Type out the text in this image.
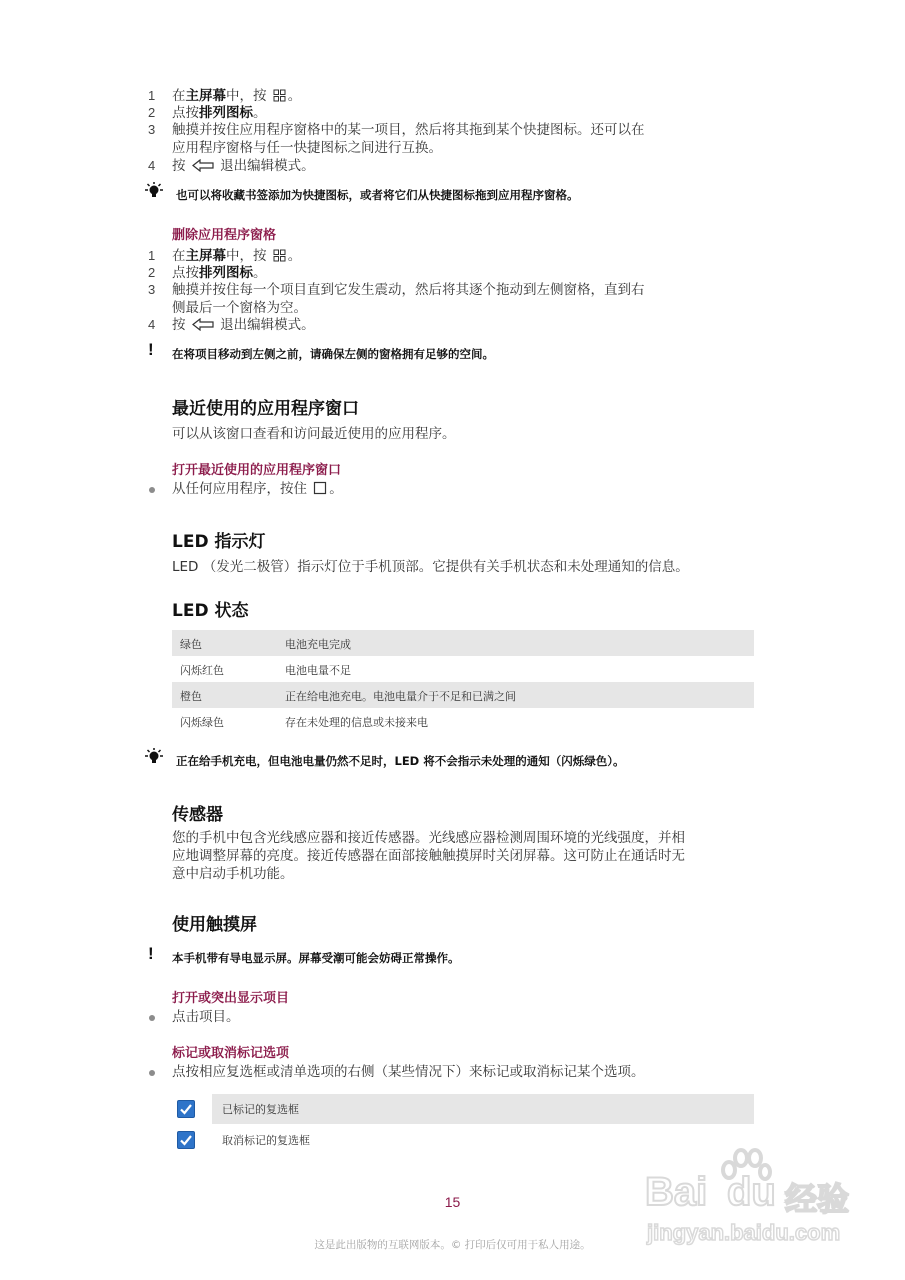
1	在主屏幕中，按 。
2	点按排列图标。
3	触摸并按住应用程序窗格中的某一项目，然后将其拖到某个快捷图标。还可以在
应用程序窗格与任一快捷图标之间进行互换。
4	按	退出编辑模式。
也可以将收藏书签添加为快捷图标，或者将它们从快捷图标拖到应用程序窗格。
删除应用程序窗格
1	在主屏幕中，按 。
2	点按排列图标。
3	触摸并按住每一个项目直到它发生震动，然后将其逐个拖动到左侧窗格，直到右
侧最后一个窗格为空。
4	按	退出编辑模式。
! 在将项目移动到左侧之前，请确保左侧的窗格拥有足够的空间。
最近使用的应用程序窗口
可以从该窗口查看和访问最近使用的应用程序。
打开最近使用的应用程序窗口
从任何应用程序，按住 。
LED 指示灯
LED （发光二极管）指示灯位于手机顶部。它提供有关手机状态和未处理通知的信息。
LED 状态
绿色	电池充电完成
闪烁红色	电池电量不足
橙色	正在给电池充电。电池电量介于不足和已满之间
闪烁绿色	存在未处理的信息或未接来电
正在给手机充电，但电池电量仍然不足时，LED 将不会指示未处理的通知（闪烁绿色）。
传感器
您的手机中包含光线感应器和接近传感器。光线感应器检测周围环境的光线强度，并相
应地调整屏幕的亮度。接近传感器在面部接触触摸屏时关闭屏幕。这可防止在通话时无
意中启动手机功能。
使用触摸屏
! 本手机带有导电显示屏。屏幕受潮可能会妨碍正常操作。
打开或突出显示项目
点击项目。
标记或取消标记选项
点按相应复选框或清单选项的右侧（某些情况下）来标记或取消标记某个选项。
已标记的复选框
取消标记的复选框
15
这是此出版物的互联网版本。© 打印后仅可用于私人用途。
Bai du 经验
jingyan.baidu.com
